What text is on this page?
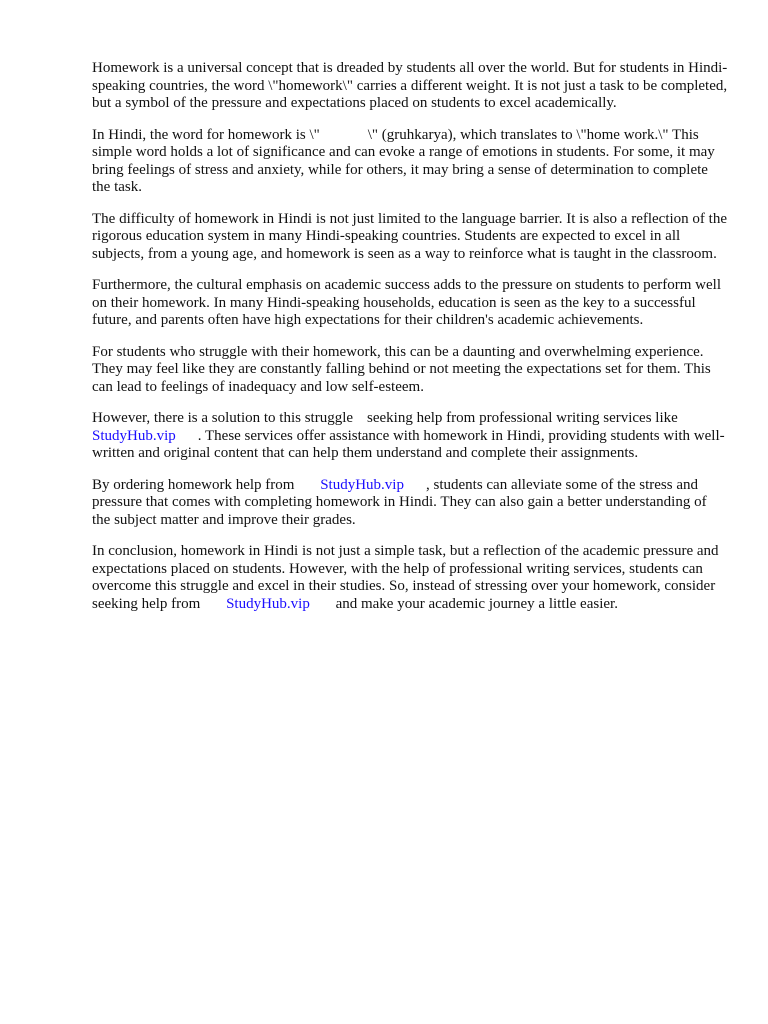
Homework is a universal concept that is dreaded by students all over the world. But for students in Hindi-speaking countries, the word \"homework\" carries a different weight. It is not just a task to be completed, but a symbol of the pressure and expectations placed on students to excel academically.

In Hindi, the word for homework is \"	\" (gruhkarya), which translates to \"home work.\" This simple word holds a lot of significance and can evoke a range of emotions in students. For some, it may bring feelings of stress and anxiety, while for others, it may bring a sense of determination to complete the task.

The difficulty of homework in Hindi is not just limited to the language barrier. It is also a reflection of the rigorous education system in many Hindi-speaking countries. Students are expected to excel in all subjects, from a young age, and homework is seen as a way to reinforce what is taught in the classroom.

Furthermore, the cultural emphasis on academic success adds to the pressure on students to perform well on their homework. In many Hindi-speaking households, education is seen as the key to a successful future, and parents often have high expectations for their children's academic achievements.

For students who struggle with their homework, this can be a daunting and overwhelming experience. They may feel like they are constantly falling behind or not meeting the expectations set for them. This can lead to feelings of inadequacy and low self-esteem.

However, there is a solution to this struggle seeking help from professional writing services like StudyHub.vip . These services offer assistance with homework in Hindi, providing students with well-written and original content that can help them understand and complete their assignments.

By ordering homework help from StudyHub.vip , students can alleviate some of the stress and pressure that comes with completing homework in Hindi. They can also gain a better understanding of the subject matter and improve their grades.

In conclusion, homework in Hindi is not just a simple task, but a reflection of the academic pressure and expectations placed on students. However, with the help of professional writing services, students can overcome this struggle and excel in their studies. So, instead of stressing over your homework, consider seeking help from StudyHub.vip and make your academic journey a little easier.
